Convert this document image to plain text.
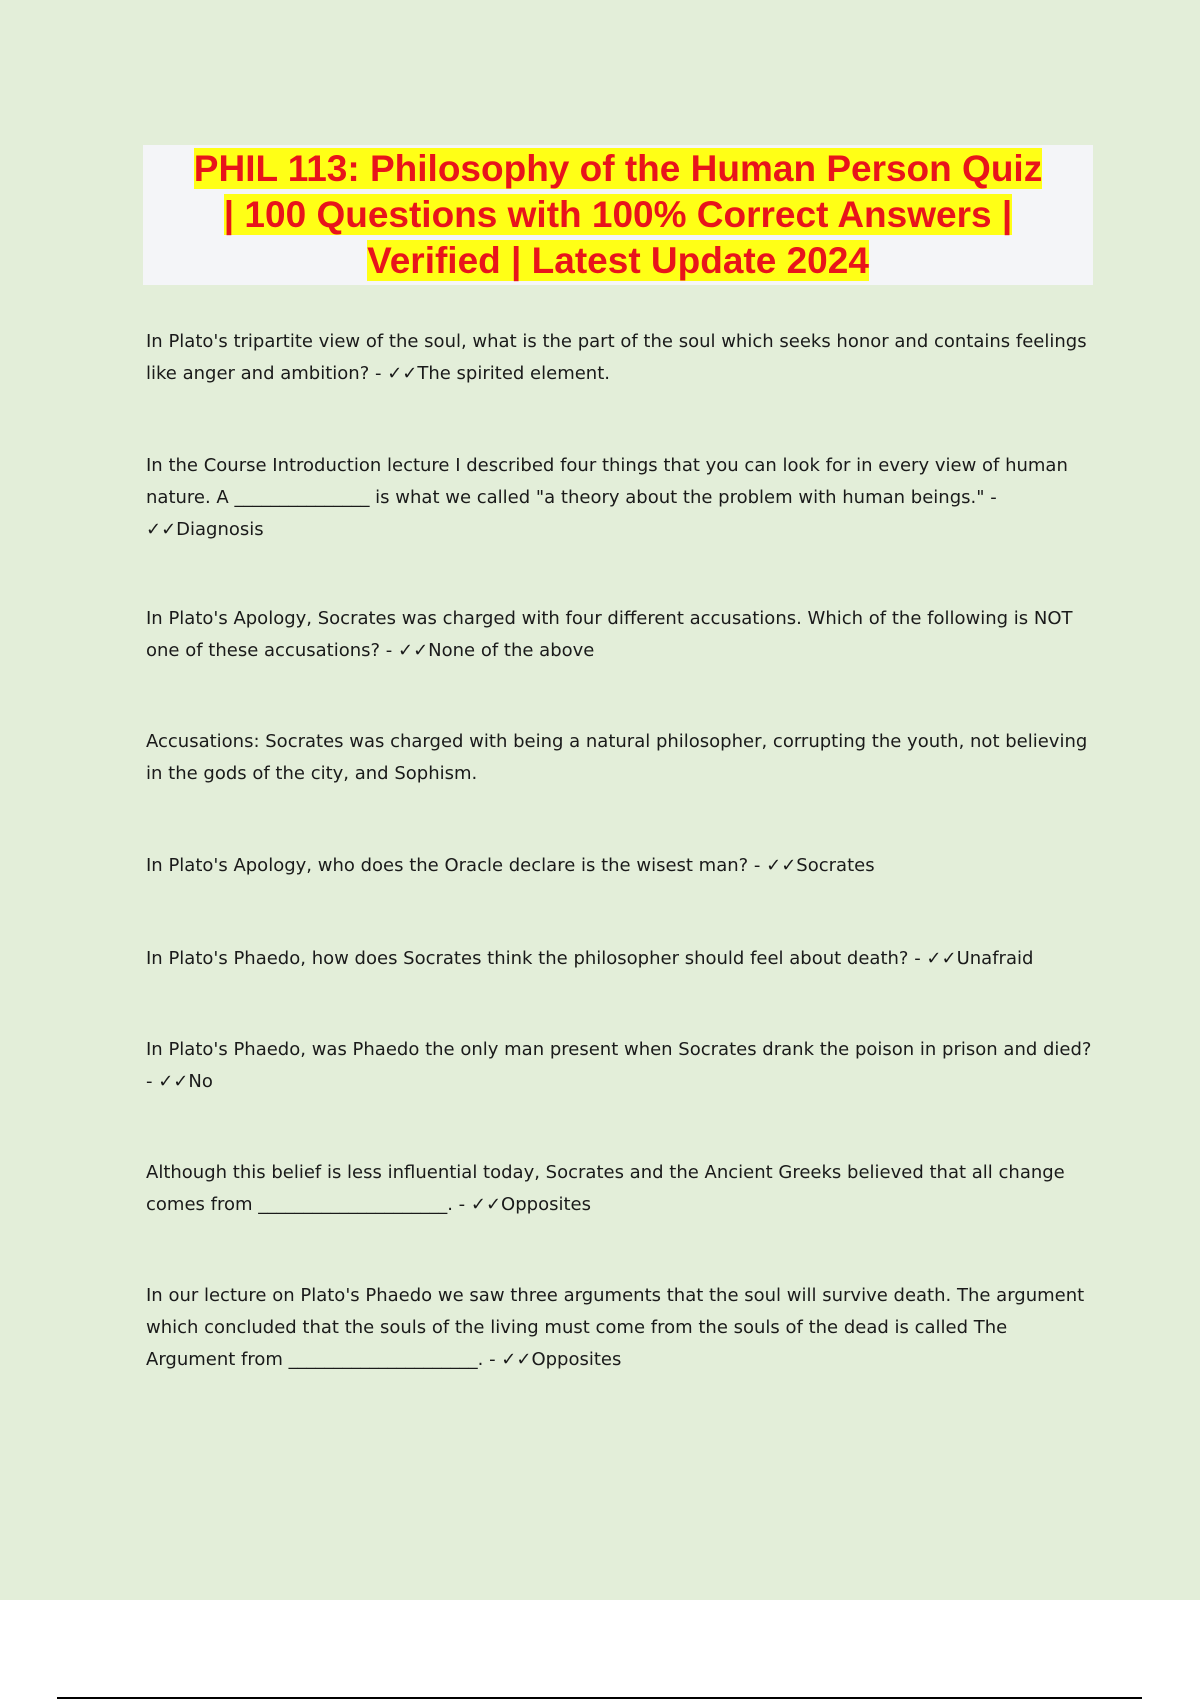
PHIL 113: Philosophy of the Human Person Quiz
| 100 Questions with 100% Correct Answers |
Verified | Latest Update 2024

In Plato's tripartite view of the soul, what is the part of the soul which seeks honor and contains feelings
like anger and ambition? - ✓✓The spirited element.

In the Course Introduction lecture I described four things that you can look for in every view of human
nature. A _______________ is what we called "a theory about the problem with human beings." -
✓✓Diagnosis

In Plato's Apology, Socrates was charged with four different accusations. Which of the following is NOT
one of these accusations? - ✓✓None of the above

Accusations: Socrates was charged with being a natural philosopher, corrupting the youth, not believing
in the gods of the city, and Sophism.

In Plato's Apology, who does the Oracle declare is the wisest man? - ✓✓Socrates

In Plato's Phaedo, how does Socrates think the philosopher should feel about death? - ✓✓Unafraid

In Plato's Phaedo, was Phaedo the only man present when Socrates drank the poison in prison and died?
- ✓✓No

Although this belief is less influential today, Socrates and the Ancient Greeks believed that all change
comes from _____________________. - ✓✓Opposites

In our lecture on Plato's Phaedo we saw three arguments that the soul will survive death. The argument
which concluded that the souls of the living must come from the souls of the dead is called The
Argument from _____________________. - ✓✓Opposites
